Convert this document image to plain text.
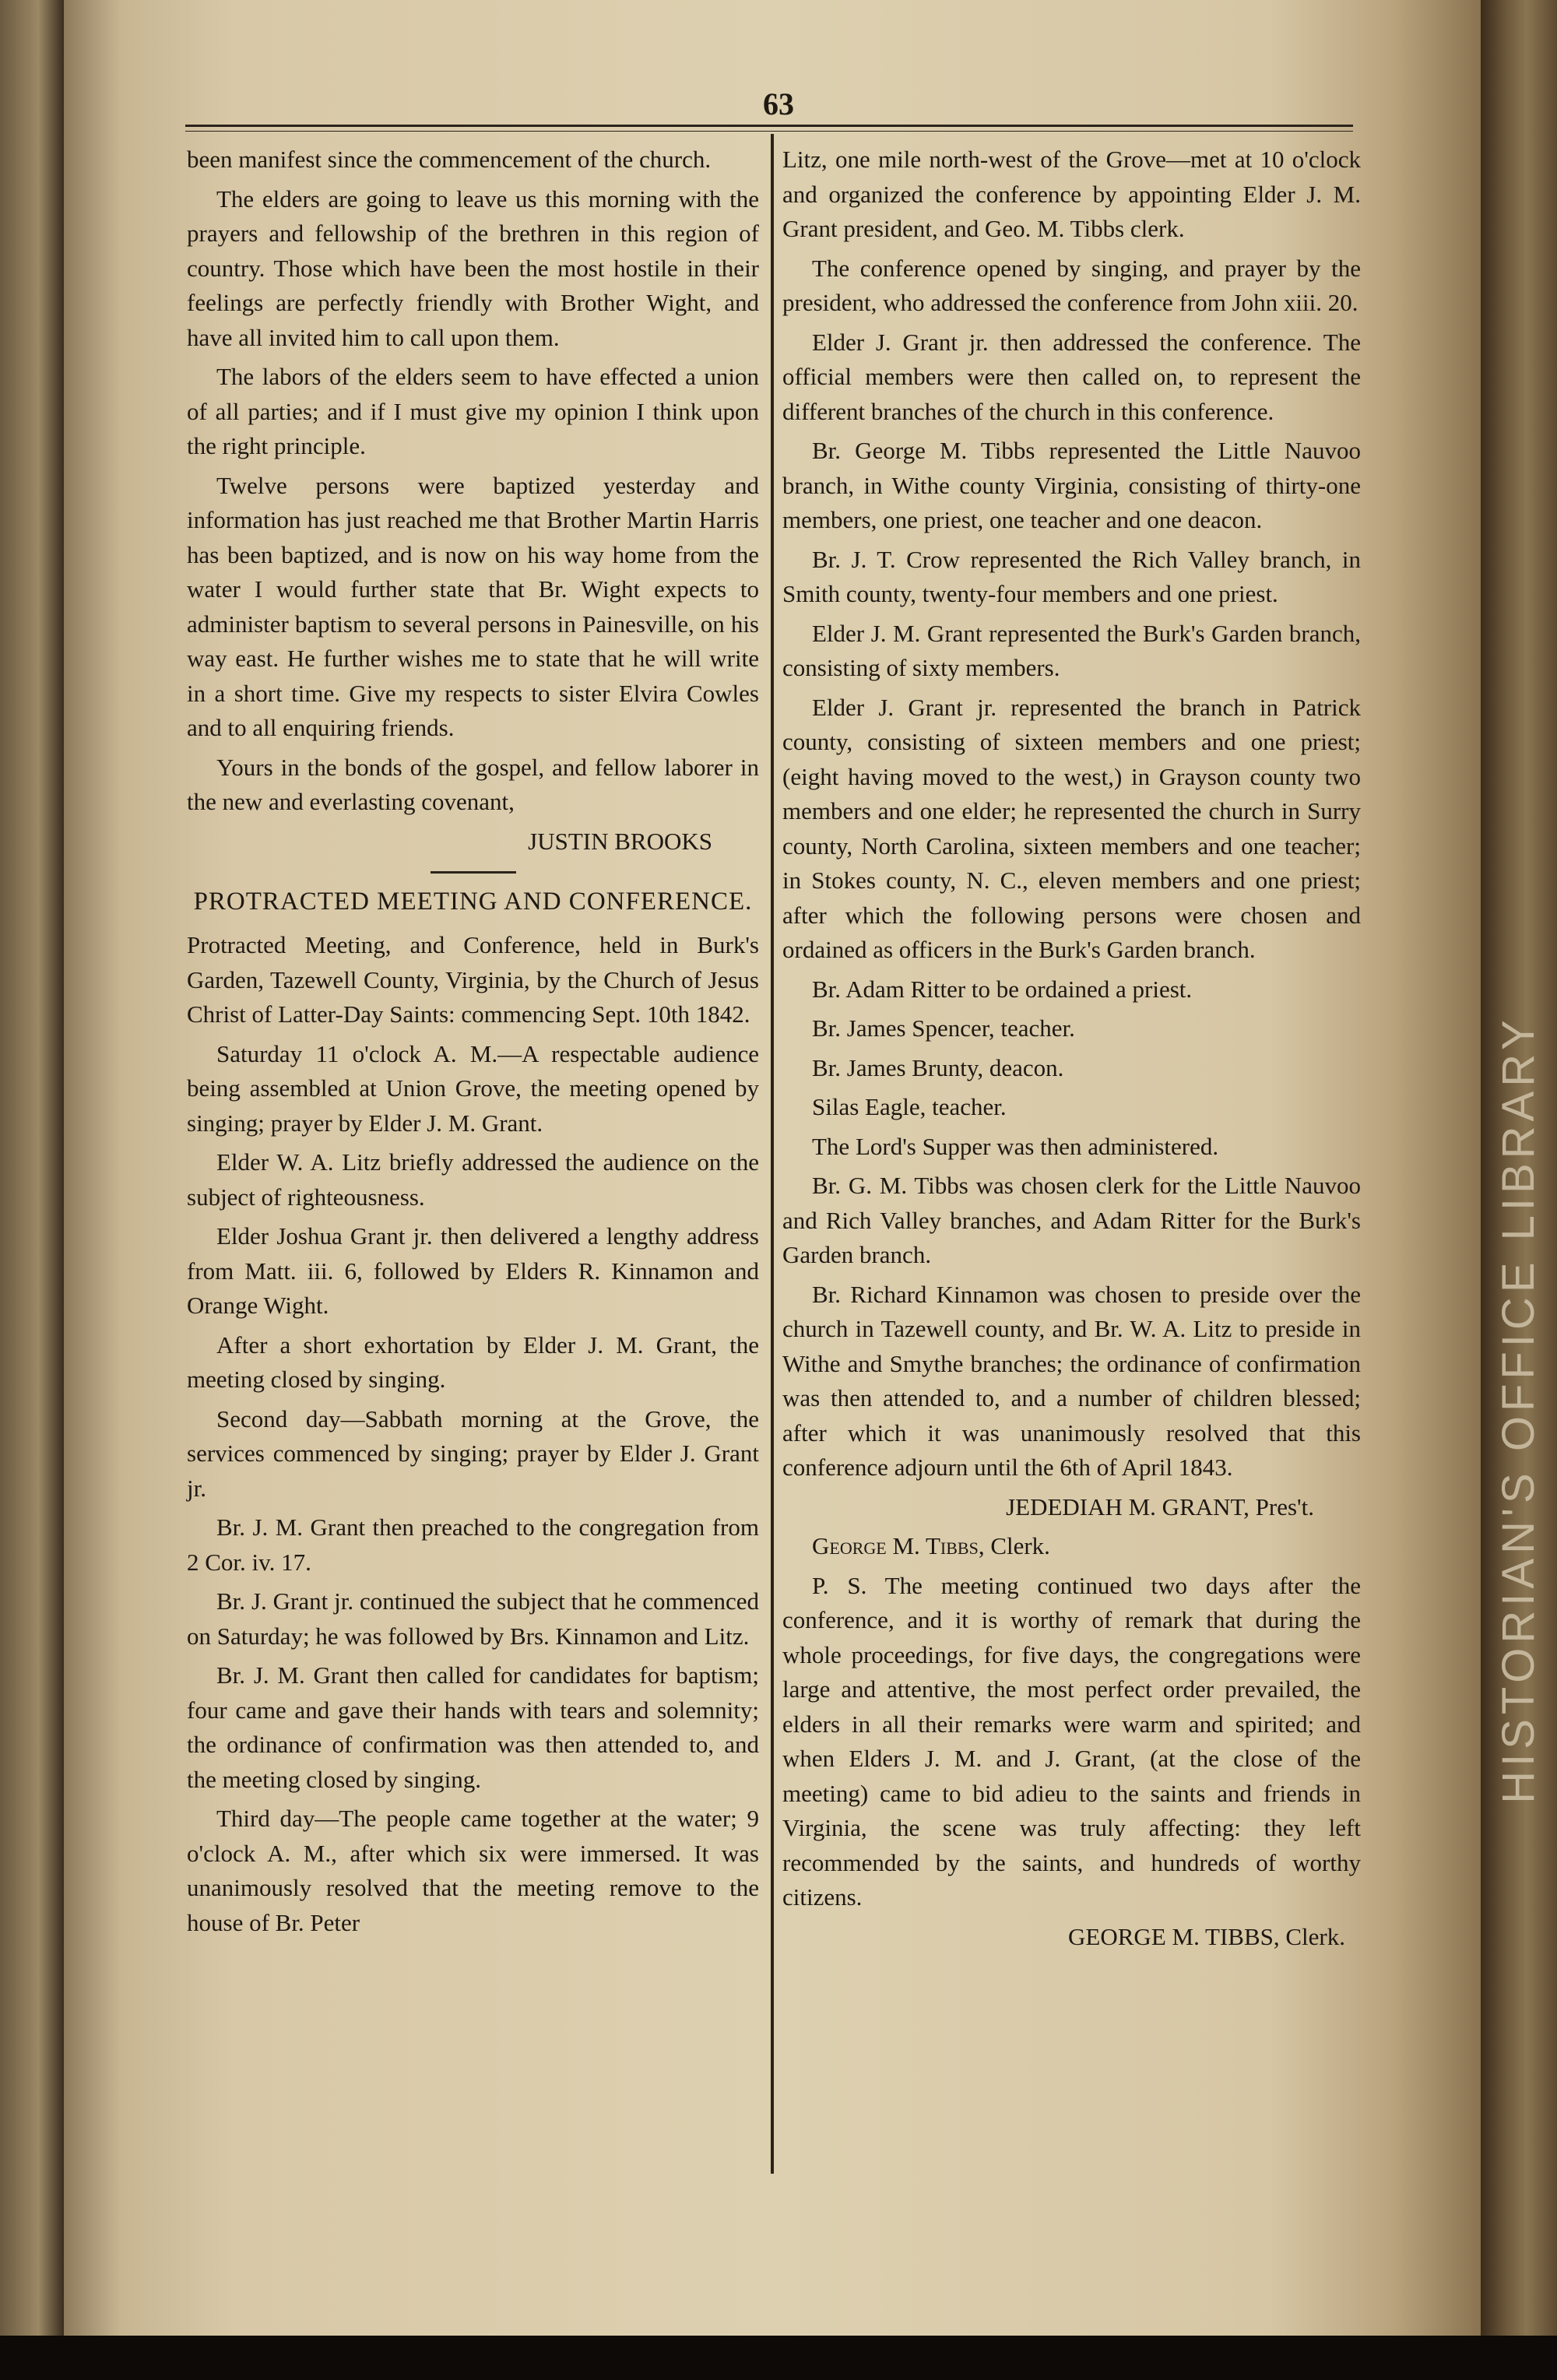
HISTORIAN'S OFFICE LIBRARY
63

been manifest since the commencement of the church.

The elders are going to leave us this morning with the prayers and fellowship of the brethren in this region of country. Those which have been the most hostile in their feelings are perfectly friendly with Brother Wight, and have all invited him to call upon them.

The labors of the elders seem to have effected a union of all parties; and if I must give my opinion I think upon the right principle.

Twelve persons were baptized yesterday and information has just reached me that Brother Martin Harris has been baptized, and is now on his way home from the water I would further state that Br. Wight expects to administer baptism to several persons in Painesville, on his way east. He further wishes me to state that he will write in a short time. Give my respects to sister Elvira Cowles and to all enquiring friends.

Yours in the bonds of the gospel, and fellow laborer in the new and everlasting covenant,

JUSTIN BROOKS

PROTRACTED MEETING AND CONFERENCE.

Protracted Meeting, and Conference, held in Burk's Garden, Tazewell County, Virginia, by the Church of Jesus Christ of Latter-Day Saints: commencing Sept. 10th 1842.

Saturday 11 o'clock A. M.—A respectable audience being assembled at Union Grove, the meeting opened by singing; prayer by Elder J. M. Grant.

Elder W. A. Litz briefly addressed the audience on the subject of righteousness.

Elder Joshua Grant jr. then delivered a lengthy address from Matt. iii. 6, followed by Elders R. Kinnamon and Orange Wight.

After a short exhortation by Elder J. M. Grant, the meeting closed by singing.

Second day—Sabbath morning at the Grove, the services commenced by singing; prayer by Elder J. Grant jr.

Br. J. M. Grant then preached to the congregation from 2 Cor. iv. 17.

Br. J. Grant jr. continued the subject that he commenced on Saturday; he was followed by Brs. Kinnamon and Litz.

Br. J. M. Grant then called for candidates for baptism; four came and gave their hands with tears and solemnity; the ordinance of confirmation was then attended to, and the meeting closed by singing.

Third day—The people came together at the water; 9 o'clock A. M., after which six were immersed. It was unanimously resolved that the meeting remove to the house of Br. Peter

Litz, one mile north-west of the Grove—met at 10 o'clock and organized the conference by appointing Elder J. M. Grant president, and Geo. M. Tibbs clerk.

The conference opened by singing, and prayer by the president, who addressed the conference from John xiii. 20.

Elder J. Grant jr. then addressed the conference. The official members were then called on, to represent the different branches of the church in this conference.

Br. George M. Tibbs represented the Little Nauvoo branch, in Withe county Virginia, consisting of thirty-one members, one priest, one teacher and one deacon.

Br. J. T. Crow represented the Rich Valley branch, in Smith county, twenty-four members and one priest.

Elder J. M. Grant represented the Burk's Garden branch, consisting of sixty members.

Elder J. Grant jr. represented the branch in Patrick county, consisting of sixteen members and one priest; (eight having moved to the west,) in Grayson county two members and one elder; he represented the church in Surry county, North Carolina, sixteen members and one teacher; in Stokes county, N. C., eleven members and one priest; after which the following persons were chosen and ordained as officers in the Burk's Garden branch.

Br. Adam Ritter to be ordained a priest.

Br. James Spencer, teacher.

Br. James Brunty, deacon.

Silas Eagle, teacher.

The Lord's Supper was then administered.

Br. G. M. Tibbs was chosen clerk for the Little Nauvoo and Rich Valley branches, and Adam Ritter for the Burk's Garden branch.

Br. Richard Kinnamon was chosen to preside over the church in Tazewell county, and Br. W. A. Litz to preside in Withe and Smythe branches; the ordinance of confirmation was then attended to, and a number of children blessed; after which it was unanimously resolved that this conference adjourn until the 6th of April 1843.

JEDEDIAH M. GRANT, Pres't.

George M. Tibbs, Clerk.

P. S. The meeting continued two days after the conference, and it is worthy of remark that during the whole proceedings, for five days, the congregations were large and attentive, the most perfect order prevailed, the elders in all their remarks were warm and spirited; and when Elders J. M. and J. Grant, (at the close of the meeting) came to bid adieu to the saints and friends in Virginia, the scene was truly affecting: they left recommended by the saints, and hundreds of worthy citizens.

GEORGE M. TIBBS, Clerk.
